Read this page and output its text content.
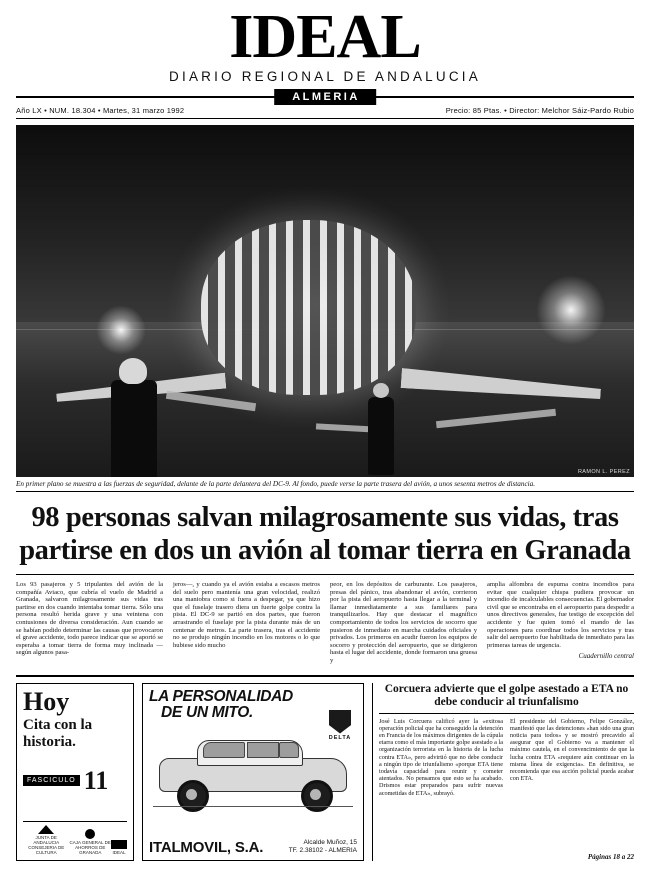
IDEAL
DIARIO REGIONAL DE ANDALUCIA
ALMERIA
Año LX • NUM. 18.304 • Martes, 31 marzo 1992	Precio: 85 Ptas. • Director: Melchor Sáiz-Pardo Rubio
RAMON L. PEREZ
En primer plano se muestra a las fuerzas de seguridad, delante de la parte delantera del DC-9. Al fondo, puede verse la parte trasera del avión, a unos sesenta metros de distancia.
98 personas salvan milagrosamente sus vidas, tras partirse en dos un avión al tomar tierra en Granada
Los 93 pasajeros y 5 tripulantes del avión de la compañía Aviaco, que cubría el vuelo de Madrid a Granada, salvaron milagrosamente sus vidas tras partirse en dos cuando intentaba tomar tierra. Sólo una persona resultó herida grave y una veintena con contusiones de diversa consideración. Aun cuando se se habían podido determinar las causas que provocaron el grave accidente, todo parece indicar que se aportó se esperaba a tomar tierra de forma muy inclinada —según algunos pasa-
jeros—, y cuando ya el avión estaba a escasos metros del suelo pero mantenía una gran velocidad, realizó una maniobra como si fuera a despegar, ya que hizo que el fuselaje trasero diera un fuerte golpe contra la pista. El DC-9 se partió en dos partes, que fueron arrastrando el fuselaje por la pista durante más de un centenar de metros. La parte trasera, tras el accidente no se produjo ningún incendio en los motores o lo que hubiese sido mucho
peor, en los depósitos de carburante. Los pasajeros, presas del pánico, tras abandonar el avión, corrieron por la pista del aeropuerto hasta llegar a la terminal y llamar inmediatamente a sus familiares para tranquilizarlos. Hay que destacar el magnífico comportamiento de todos los servicios de socorro que pusieron de inmediato en marcha cuidados oficiales y privados. Los primeros en acudir fueron los equipos de socorro y protección del aeropuerto, que se dirigieron hasta el lugar del accidente, donde formaron una gruesa y

amplia alfombra de espuma contra incendios para evitar que cualquier chispa pudiera provocar un incendio de incalculables consecuencias. El gobernador civil que se encontraba en el aeropuerto para despedir a unos directivos generales, fue testigo de excepción del accidente y fue quien tomó el mando de las operaciones para coordinar todos los servicios y tras salir del aeropuerto fue habilitada de inmediato para las primeras tareas de urgencia.

Cuadernillo central
Hoy
Cita con la historia.
FASCICULO 11
JUNTA DE ANDALUCIA CONSEJERIA DE CULTURA
CAJA GENERAL DE AHORROS DE GRANADA	IDEAL
LA PERSONALIDAD
DE UN MITO.
DELTA
ITALMOVIL, S.A.	Alcalde Muñoz, 15
TF. 2.38102 - ALMERIA
Corcuera advierte que el golpe asestado a ETA no debe conducir al triunfalismo
José Luis Corcuera calificó ayer la «exitosa operación policial que ha conseguido la detención en Francia de los máximos dirigentes de la cúpula etarra como el más importante golpe asestado a la organización terrorista en la historia de la lucha contra ETA», pero advirtió que no debe conducir a ningún tipo de triunfalismo «porque ETA tiene todavía capacidad para reunir y cometer atentados. No pensamos que esto se ha acabado. Drismos estar preparados para sufrir nuevas acometidas de ETA», subrayó.

El presidente del Gobierno, Felipe González, manifestó que las detenciones «han sido una gran noticia para todos» y se mostró precavido al asegurar que el Gobierno va a mantener el máximo cautela, en el convencimiento de que la lucha contra ETA «requiere aún continuar en la misma línea de exigencia». En definitiva, se recomienda que esa acción policial pueda acabar con ETA.

Páginas 18 a 22
